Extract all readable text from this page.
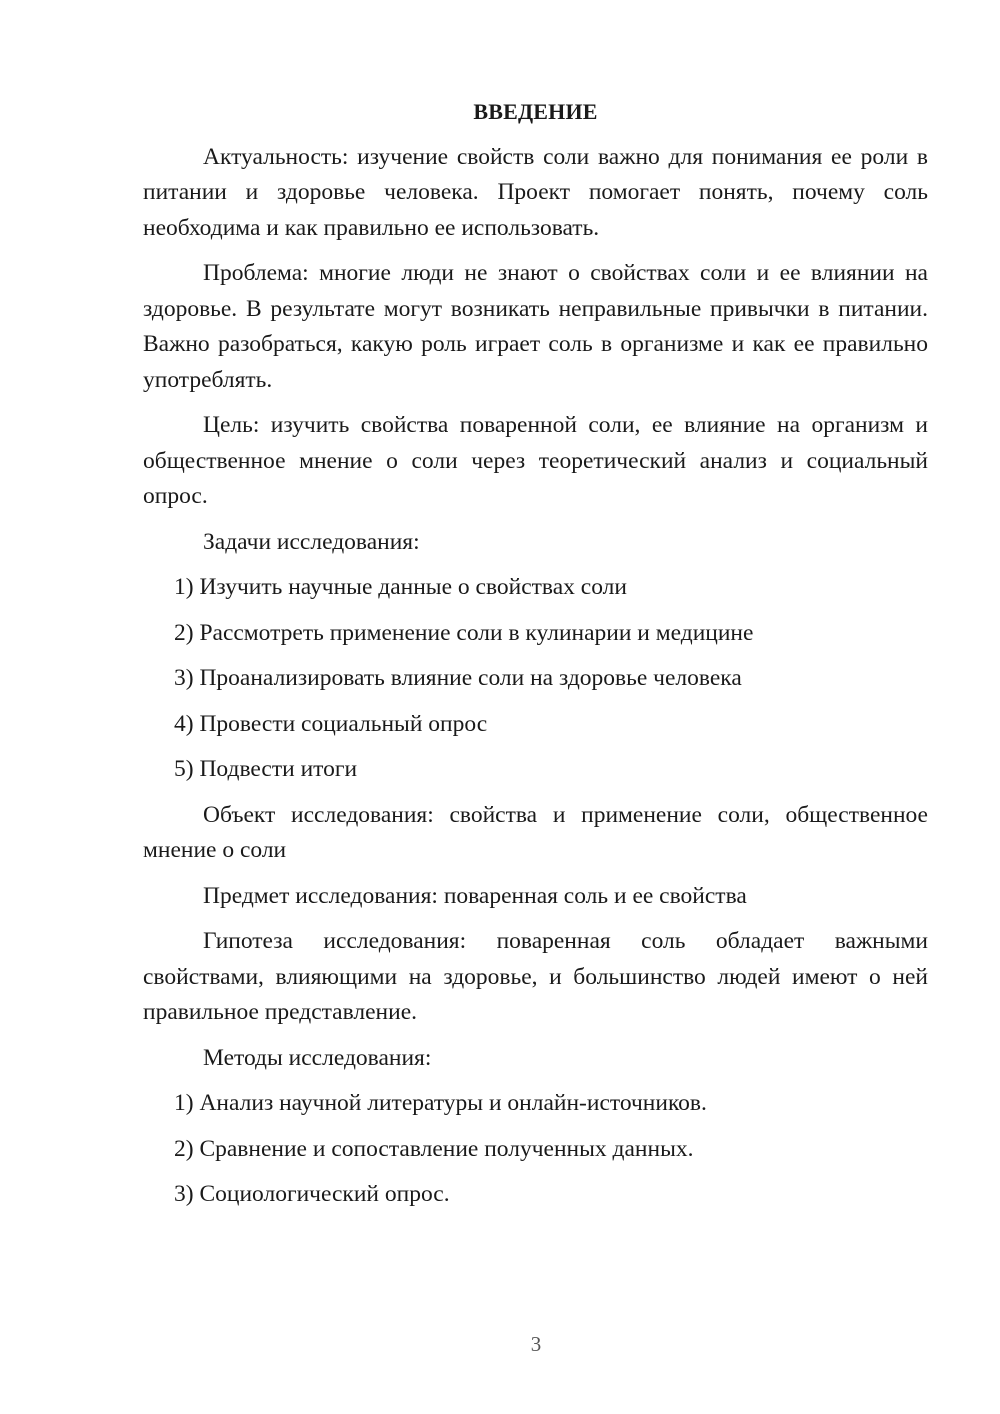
ВВЕДЕНИЕ

Актуальность: изучение свойств соли важно для понимания ее роли в питании и здоровье человека. Проект помогает понять, почему соль необходима и как правильно ее использовать.

Проблема: многие люди не знают о свойствах соли и ее влиянии на здоровье. В результате могут возникать неправильные привычки в питании. Важно разобраться, какую роль играет соль в организме и как ее правильно употреблять.

Цель: изучить свойства поваренной соли, ее влияние на организм и общественное мнение о соли через теоретический анализ и социальный опрос.

Задачи исследования:

1) Изучить научные данные о свойствах соли
2) Рассмотреть применение соли в кулинарии и медицине
3) Проанализировать влияние соли на здоровье человека
4) Провести социальный опрос
5) Подвести итоги

Объект исследования: свойства и применение соли, общественное мнение о соли

Предмет исследования: поваренная соль и ее свойства

Гипотеза исследования: поваренная соль обладает важными свойствами, влияющими на здоровье, и большинство людей имеют о ней правильное представление.

Методы исследования:

1) Анализ научной литературы и онлайн-источников.
2) Сравнение и сопоставление полученных данных.
3) Социологический опрос.
3
